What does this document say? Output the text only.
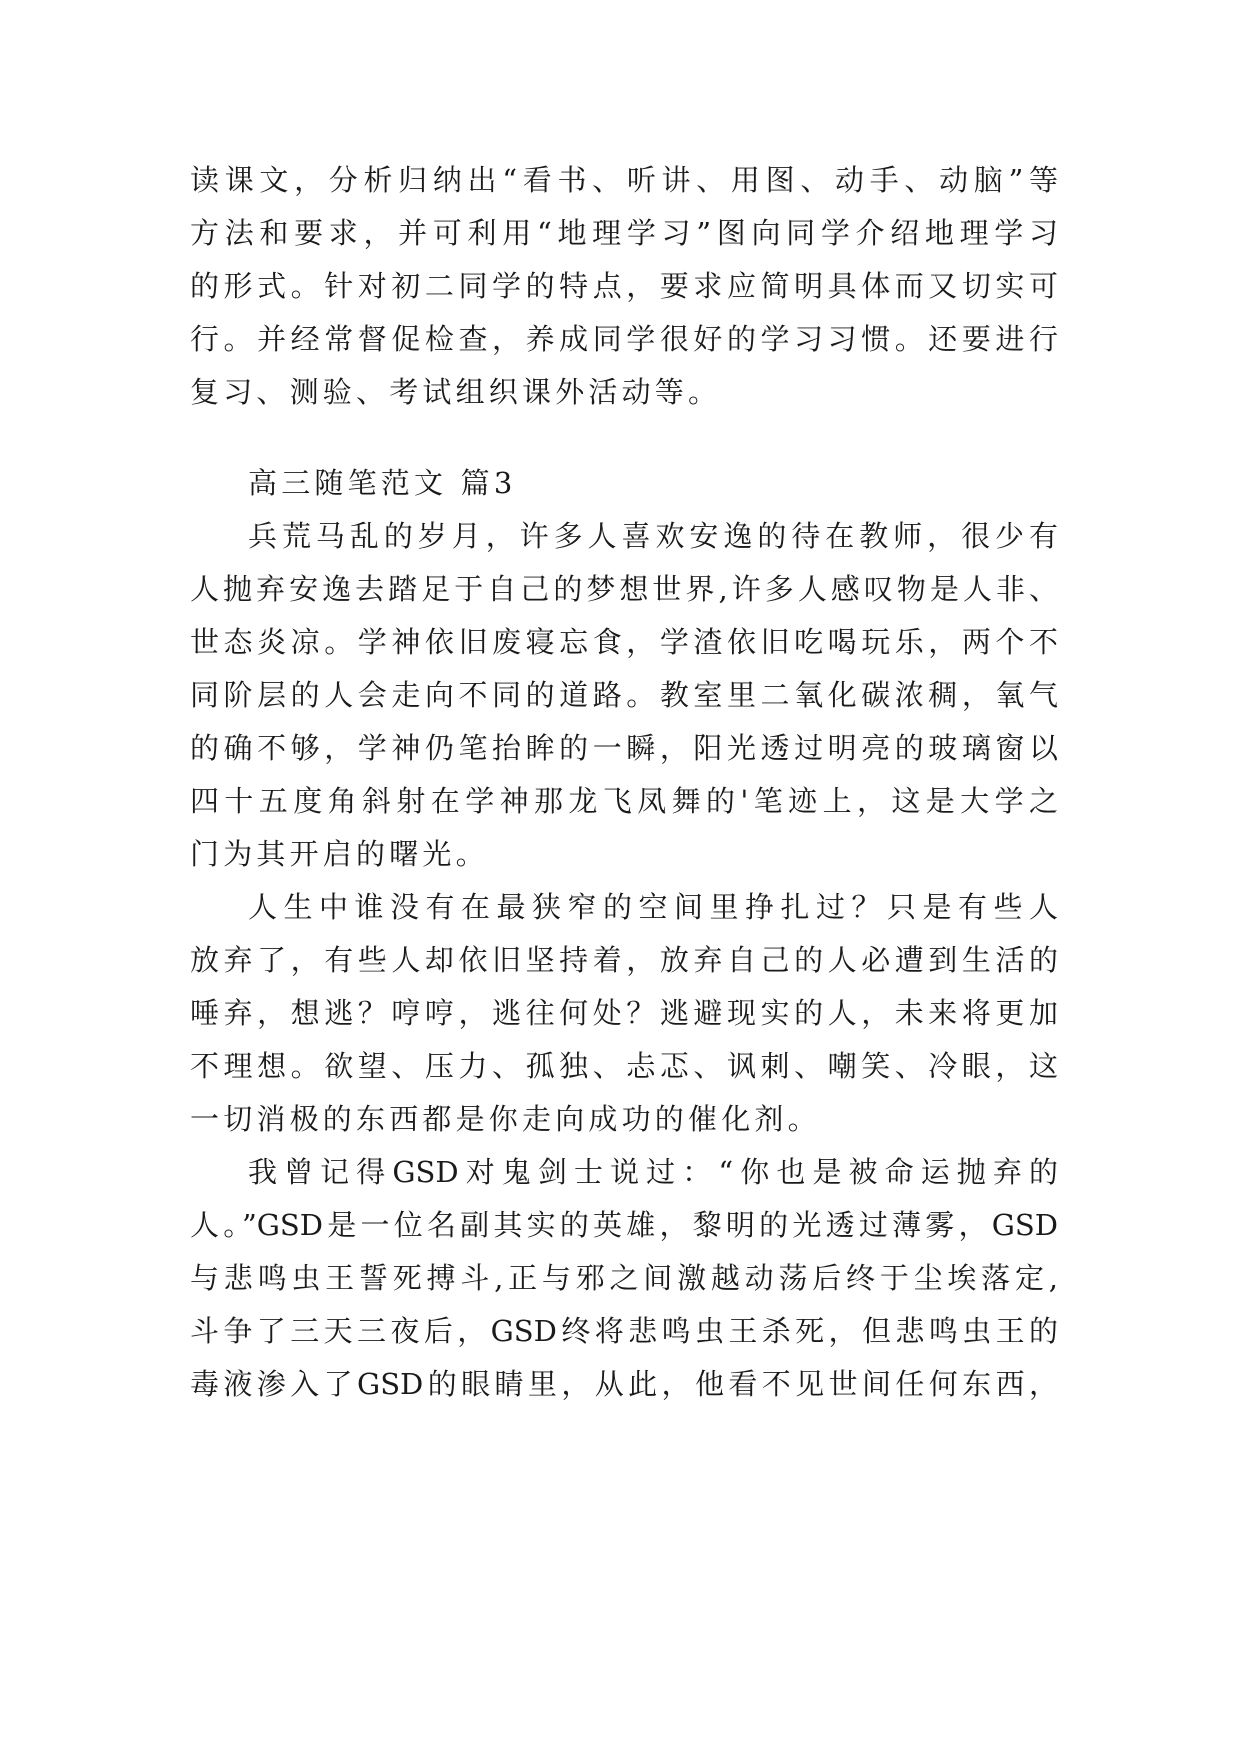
读课文，分析归纳出“看书、听讲、用图、动手、动脑”等
方法和要求，并可利用“地理学习”图向同学介绍地理学习
的形式。针对初二同学的特点，要求应简明具体而又切实可
行。并经常督促检查，养成同学很好的学习习惯。还要进行
复习、测验、考试组织课外活动等。
高三随笔范文 篇3
兵荒马乱的岁月，许多人喜欢安逸的待在教师，很少有
人抛弃安逸去踏足于自己的梦想世界,许多人感叹物是人非、
世态炎凉。学神依旧废寝忘食，学渣依旧吃喝玩乐，两个不
同阶层的人会走向不同的道路。教室里二氧化碳浓稠，氧气
的确不够，学神仍笔抬眸的一瞬，阳光透过明亮的玻璃窗以
四十五度角斜射在学神那龙飞凤舞的'笔迹上，这是大学之
门为其开启的曙光。
人生中谁没有在最狭窄的空间里挣扎过？只是有些人
放弃了，有些人却依旧坚持着，放弃自己的人必遭到生活的
唾弃，想逃？哼哼，逃往何处？逃避现实的人，未来将更加
不理想。欲望、压力、孤独、忐忑、讽刺、嘲笑、冷眼，这
一切消极的东西都是你走向成功的催化剂。
我曾记得GSD对鬼剑士说过：“你也是被命运抛弃的
人。”GSD是一位名副其实的英雄，黎明的光透过薄雾，GSD
与悲鸣虫王誓死搏斗,正与邪之间激越动荡后终于尘埃落定,
斗争了三天三夜后，GSD终将悲鸣虫王杀死，但悲鸣虫王的
毒液渗入了GSD的眼睛里，从此，他看不见世间任何东西，
